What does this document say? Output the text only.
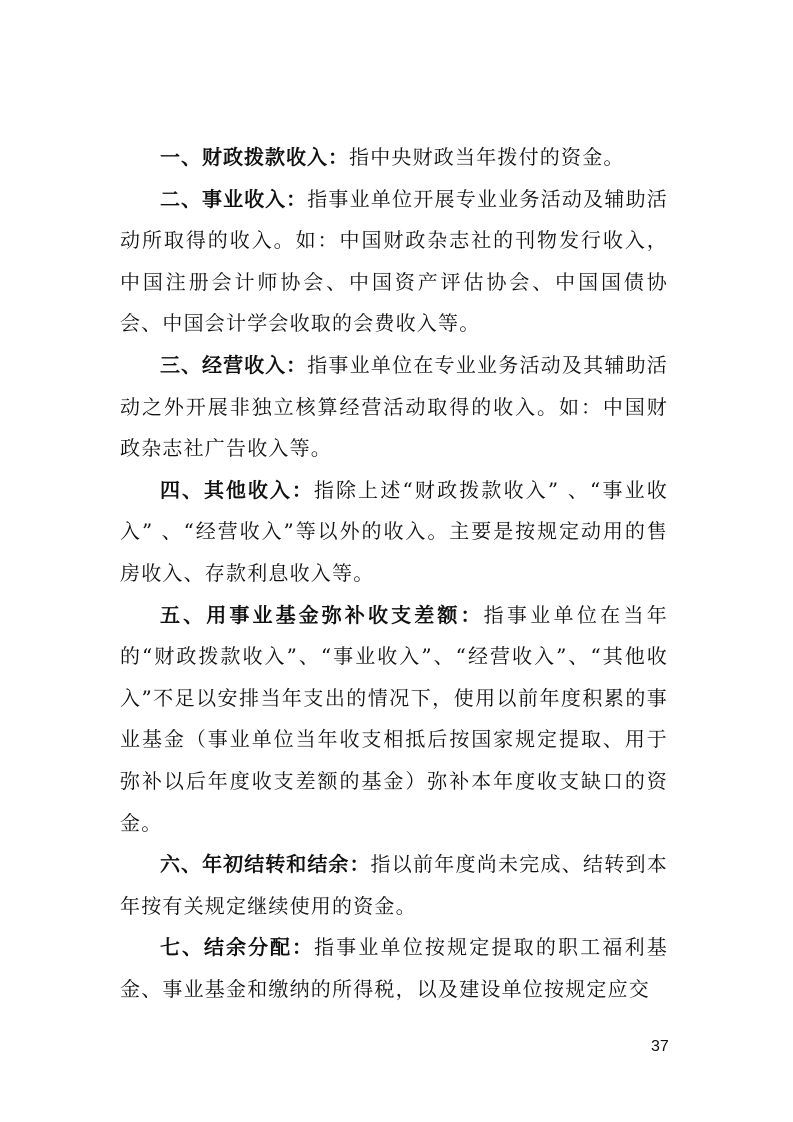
一、财政拨款收入：指中央财政当年拨付的资金。

二、事业收入：指事业单位开展专业业务活动及辅助活动所取得的收入。如：中国财政杂志社的刊物发行收入，中国注册会计师协会、中国资产评估协会、中国国债协会、中国会计学会收取的会费收入等。

三、经营收入：指事业单位在专业业务活动及其辅助活动之外开展非独立核算经营活动取得的收入。如：中国财政杂志社广告收入等。

四、其他收入：指除上述“财政拨款收入” 、“事业收入” 、“经营收入”等以外的收入。主要是按规定动用的售房收入、存款利息收入等。

五、用事业基金弥补收支差额：指事业单位在当年的“财政拨款收入”、“事业收入”、“经营收入”、“其他收入”不足以安排当年支出的情况下，使用以前年度积累的事业基金（事业单位当年收支相抵后按国家规定提取、用于弥补以后年度收支差额的基金）弥补本年度收支缺口的资金。

六、年初结转和结余：指以前年度尚未完成、结转到本年按有关规定继续使用的资金。

七、结余分配：指事业单位按规定提取的职工福利基金、事业基金和缴纳的所得税，以及建设单位按规定应交

37
